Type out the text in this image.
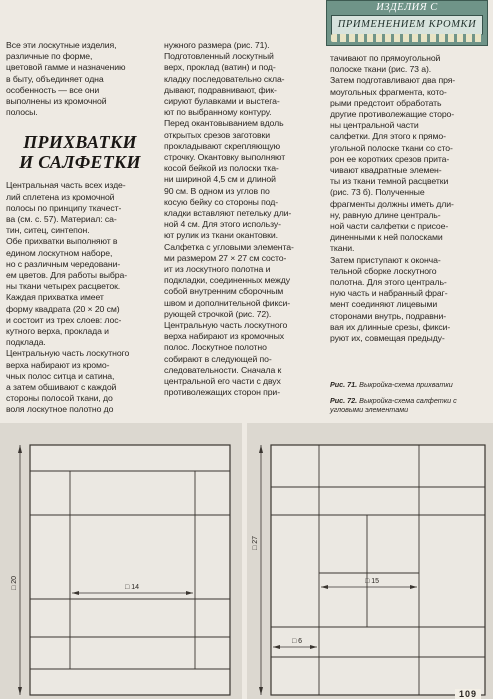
ИЗДЕЛИЯ С
ПРИМЕНЕНИЕМ КРОМКИ
Все эти лоскутные изделия,
различные по форме,
цветовой гамме и назначению
в быту, объединяет одна
особенность — все они
выполнены из кромочной
полосы.
ПРИХВАТКИ
И САЛФЕТКИ
Центральная часть всех изде-
лий сплетена из кромочной
полосы по принципу ткачест-
ва (см. с. 57). Материал: са-
тин, ситец, синтепон.
Обе прихватки выполняют в
едином лоскутном наборе,
но с различным чередовани-
ем цветов. Для работы выбра-
ны ткани четырех расцветок.
Каждая прихватка имеет
форму квадрата (20 × 20 см)
и состоит из трех слоев: лос-
кутного верха, проклада и
подклада.
Центральную часть лоскутного
верха набирают из кромо-
чных полос ситца и сатина,
а затем обшивают с каждой
стороны полосой ткани, до
воля лоскутное полотно до
нужного размера (рис. 71).
Подготовленный лоскутный
верх, проклад (ватин) и под-
кладку последовательно скла-
дывают, подравнивают, фик-
сируют булавками и выстега-
ют по выбранному контуру.
Перед окантовыванием вдоль
открытых срезов заготовки
прокладывают скрепляющую
строчку. Окантовку выполняют
косой бейкой из полоски тка-
ни шириной 4,5 см и длиной
90 см. В одном из углов по
косую бейку со стороны под-
кладки вставляют петельку дли-
ной 4 см. Для этого использу-
ют рулик из ткани окантовки.
Салфетка с угловыми элемента-
ми размером 27 × 27 см состо-
ит из лоскутного полотна и
подкладки, соединенных между
собой внутренним сборочным
швом и дополнительной фикси-
рующей строчкой (рис. 72).
Центральную часть лоскутного
верха набирают из кромочных
полос. Лоскутное полотно
собирают в следующей по-
следовательности. Сначала к
центральной его части с двух
противолежащих сторон при-
тачивают по прямоугольной
полоске ткани (рис. 73 а).
Затем подготавливают два пря-
моугольных фрагмента, кото-
рыми предстоит обработать
другие противолежащие сторо-
ны центральной части
салфетки. Для этого к прямо-
угольной полоске ткани со сто-
рон ее коротких срезов прита-
чивают квадратные элемен-
ты из ткани темной расцветки
(рис. 73 б). Полученные
фрагменты должны иметь дли-
ну, равную длине централь-
ной части салфетки с присое-
диненными к ней полосками
ткани.
Затем приступают к оконча-
тельной сборке лоскутного
полотна. Для этого централь-
ную часть и набранный фраг-
мент соединяют лицевыми
сторонами внутрь, подравни-
вая их длинные срезы, фикси-
руют их, совмещая предыду-

Рис. 71. Выкройка-схема прихватки

Рис. 72. Выкройка-схема салфетки с угловыми элементами

□ 20	□ 14
□ 27
□ 15
□ 6
109
